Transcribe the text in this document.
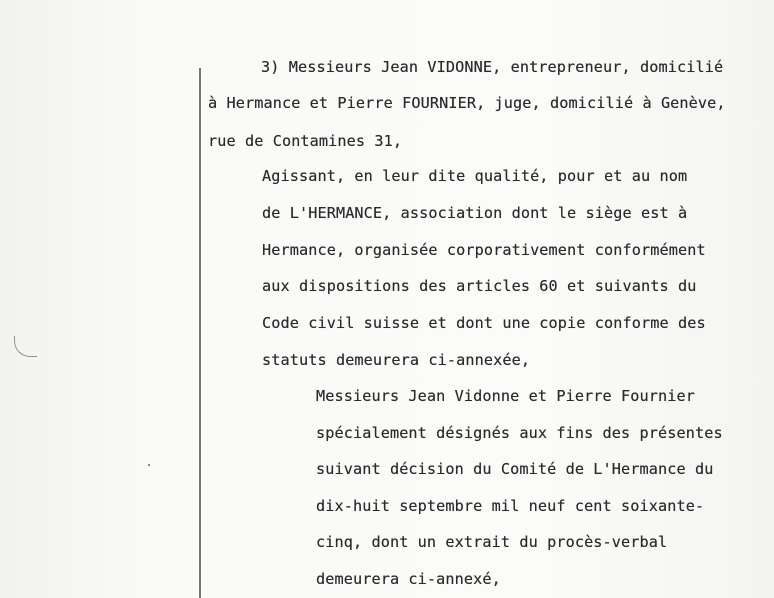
3) Messieurs Jean VIDONNE, entrepreneur, domicilié
à Hermance et Pierre FOURNIER, juge, domicilié à Genève,
rue de Contamines 31,
Agissant, en leur dite qualité, pour et au nom
de L'HERMANCE, association dont le siège est à
Hermance, organisée corporativement conformément
aux dispositions des articles 60 et suivants du
Code civil suisse et dont une copie conforme des
statuts demeurera ci-annexée,
Messieurs Jean Vidonne et Pierre Fournier
spécialement désignés aux fins des présentes
suivant décision du Comité de L'Hermance du
dix-huit septembre mil neuf cent soixante-
cinq, dont un extrait du procès-verbal
demeurera ci-annexé,
